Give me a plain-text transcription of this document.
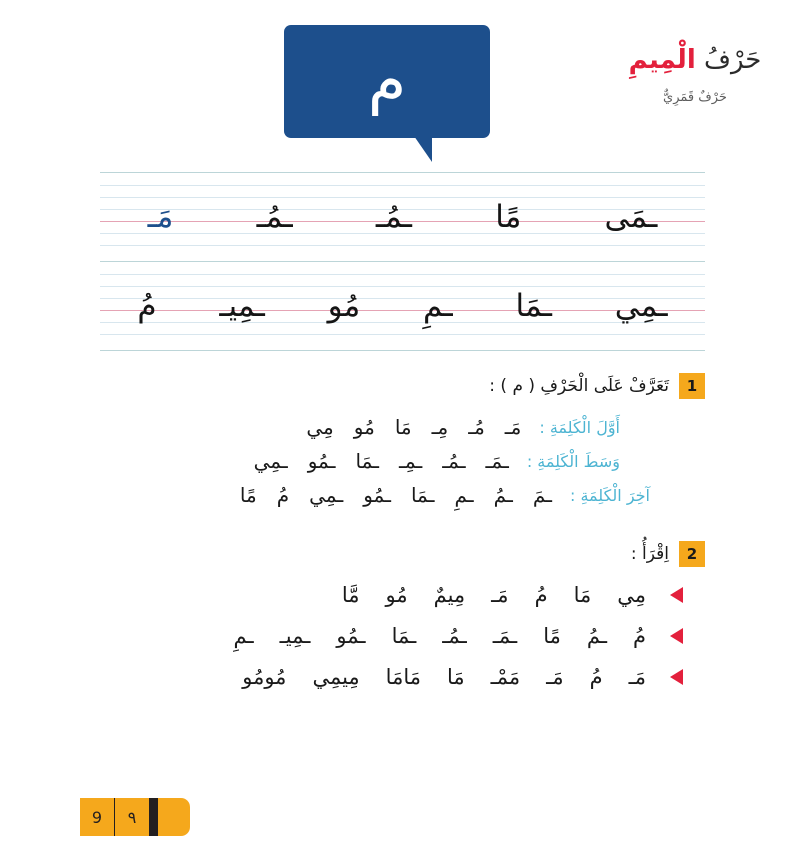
م	حَرْفُ الْمِيمِ
حَرْفٌ قَمَرِيٌّ
ـمَى
مًا
ـمُـ
ـمُـ
مَـ
ـمِي
ـمَا
ـمِ
مُو
ـمِيـ
مُ
1
تَعَرَّفْ عَلَى الْحَرْفِ ( م ) :
أَوَّلَ الْكَلِمَةِ :
مَـ
مُـ
مِـ
مَا
مُو
مِي
وَسَطَ الْكَلِمَةِ :
ـمَـ
ـمُـ
ـمِـ
ـمَا
ـمُو
ـمِي
آخِرَ الْكَلِمَةِ :
ـمَ
ـمُ
ـمِ
ـمَا
ـمُو
ـمِي
مُ
مًا
2
اِقْرَأُ :
مِي
مَا
مُ
مَـ
مِيمٌ
مُو
مَّا
مُ
ـمُ
مًا
ـمَـ
ـمُـ
ـمَا
ـمُو
ـمِيـ
ـمِ
مَـ
مُ
مَـ
مَمْـ
مَا
مَامَا
مِيمِي
مُومُو
٩
9
